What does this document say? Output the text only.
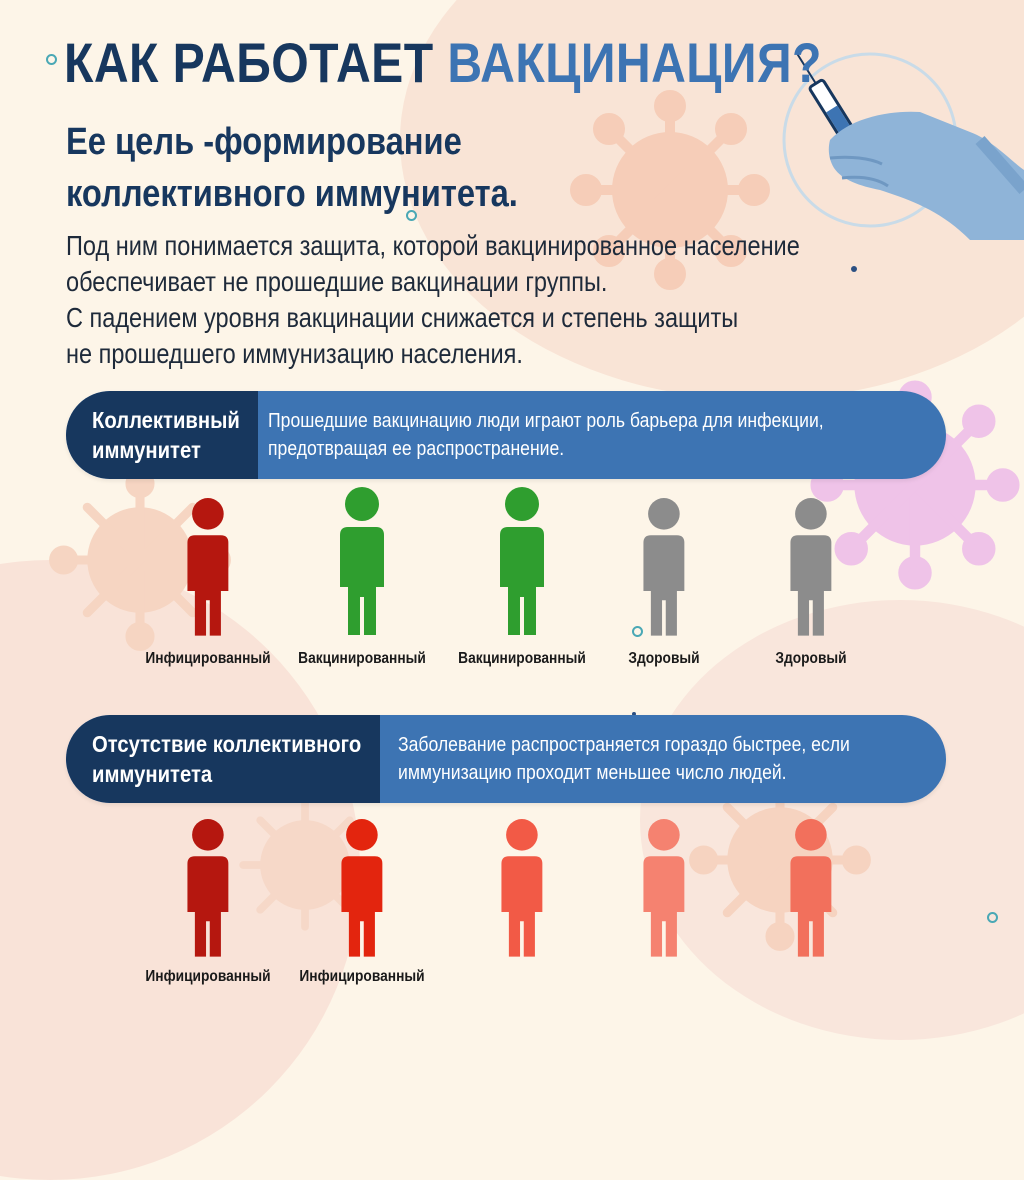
КАК РАБОТАЕТ ВАКЦИНАЦИЯ?
Ее цель -формирование
коллективного иммунитета.
Под ним понимается защита, которой вакцинированное население
обеспечивает не прошедшие вакцинации группы.
С падением уровня вакцинации снижается и степень защиты
не прошедшего иммунизацию населения.
Коллективный
иммунитет
Прошедшие вакцинацию люди играют роль барьера для инфекции,
предотвращая ее распространение.
Инфицированный Вакцинированный Вакцинированный	Здоровый	Здоровый
Отсутствие коллективного
иммунитета
Заболевание распространяется гораздо быстрее, если
иммунизацию проходит меньшее число людей.
Инфицированный Инфицированный
